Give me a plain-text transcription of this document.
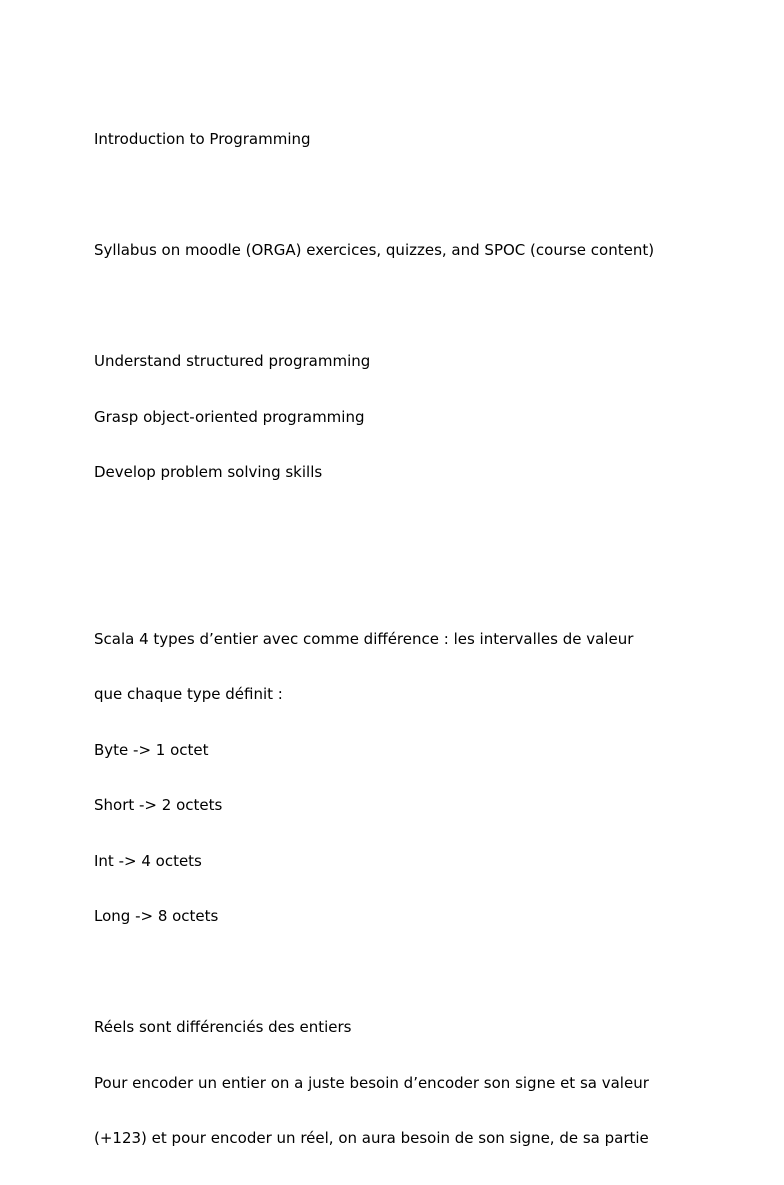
Introduction to Programming

Syllabus on moodle (ORGA) exercices, quizzes, and SPOC (course content)

Understand structured programming

Grasp object-oriented programming

Develop problem solving skills

Scala 4 types d’entier avec comme différence : les intervalles de valeur

que chaque type définit :

Byte -> 1 octet

Short -> 2 octets

Int -> 4 octets

Long -> 8 octets

Réels sont différenciés des entiers

Pour encoder un entier on a juste besoin d’encoder son signe et sa valeur

(+123) et pour encoder un réel, on aura besoin de son signe, de sa partie
